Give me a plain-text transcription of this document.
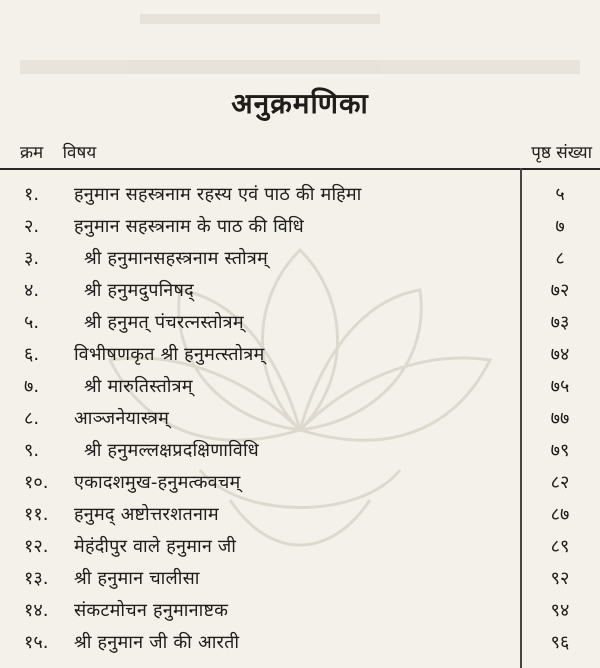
अनुक्रमणिका
क्रम विषय	पृष्ठ संख्या
१.	हनुमान सहस्त्रनाम रहस्य एवं पाठ की महिमा	५
२.	हनुमान सहस्त्रनाम के पाठ की विधि	७
३.	श्री हनुमानसहस्त्रनाम स्तोत्रम्	८
४.	श्री हनुमदुपनिषद्	७२
५.	श्री हनुमत् पंचरत्नस्तोत्रम्	७३
६.	विभीषणकृत श्री हनुमत्स्तोत्रम्	७४
७.	श्री मारुतिस्तोत्रम्	७५
८.	आञ्जनेयास्त्रम्	७७
९.	श्री हनुमल्लक्षप्रदक्षिणाविधि	७९
१०.	एकादशमुख-हनुमत्कवचम्	८२
११.	हनुमद् अष्टोत्तरशतनाम	८७
१२.	मेहंदीपुर वाले हनुमान जी	८९
१३.	श्री हनुमान चालीसा	९२
१४.	संकटमोचन हनुमानाष्टक	९४
१५.	श्री हनुमान जी की आरती	९६
